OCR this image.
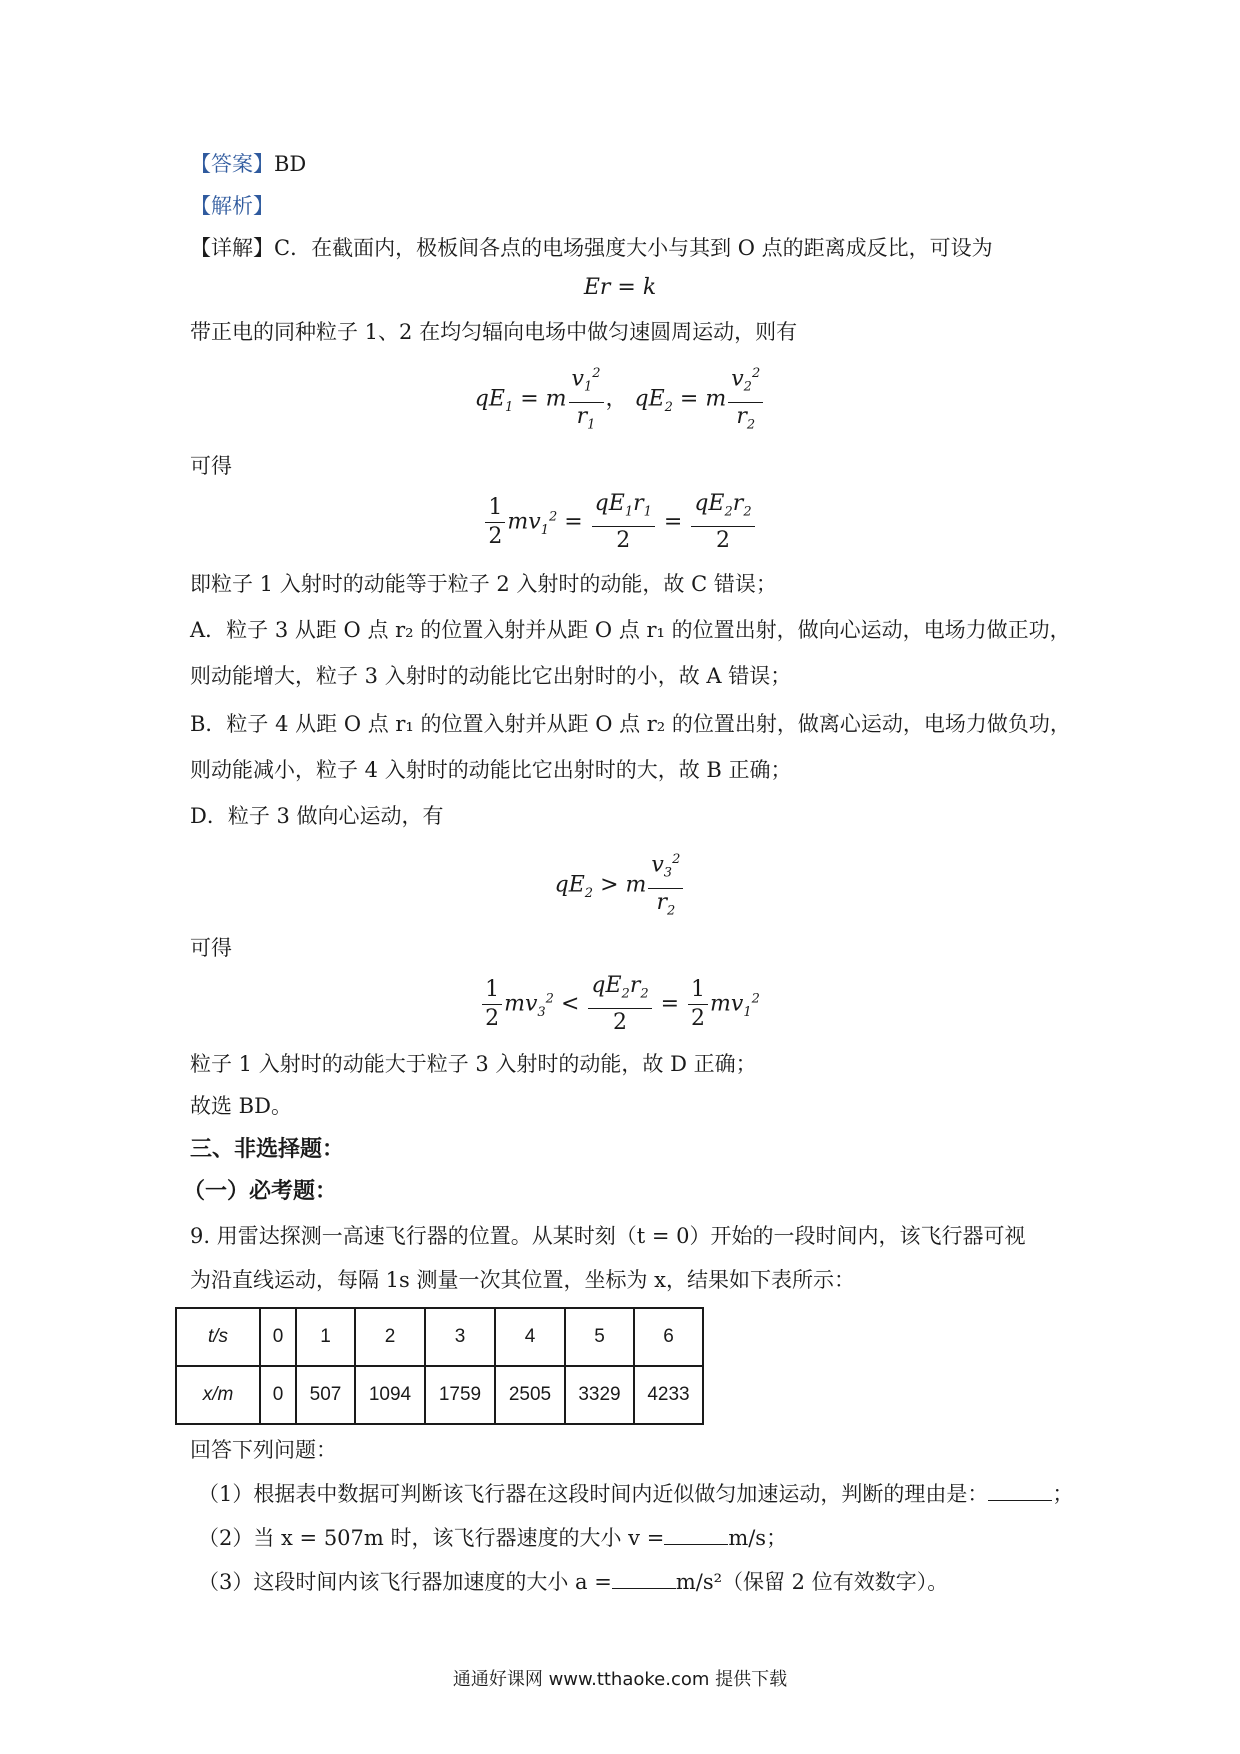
【答案】BD
【解析】
【详解】C．在截面内，极板间各点的电场强度大小与其到 O 点的距离成反比，可设为
Er = k
带正电的同种粒子 1、2 在均匀辐向电场中做匀速圆周运动，则有
$qE_1 = m \frac{v_1^2}{r_1}$ ， $qE_2 = m \frac{v_2^2}{r_2}$
可得
$\frac{1}{2} mv_1^2 = \frac{qE_1r_1}{2} = \frac{qE_2r_2}{2}$
即粒子 1 入射时的动能等于粒子 2 入射时的动能，故 C 错误；
A．粒子 3 从距 O 点 r₂ 的位置入射并从距 O 点 r₁ 的位置出射，做向心运动，电场力做正功，
则动能增大，粒子 3 入射时的动能比它出射时的小，故 A 错误；
B．粒子 4 从距 O 点 r₁ 的位置入射并从距 O 点 r₂ 的位置出射，做离心运动，电场力做负功，
则动能减小，粒子 4 入射时的动能比它出射时的大，故 B 正确；
D．粒子 3 做向心运动，有
$qE_2 > m \frac{v_3^2}{r_2}$
可得
$\frac{1}{2} mv_3^2 < \frac{qE_2r_2}{2} = \frac{1}{2} mv_1^2$
粒子 1 入射时的动能大于粒子 3 入射时的动能，故 D 正确；
故选 BD。
三、非选择题：
（一）必考题：
9. 用雷达探测一高速飞行器的位置。从某时刻（t = 0）开始的一段时间内，该飞行器可视
为沿直线运动，每隔 1s 测量一次其位置，坐标为 x，结果如下表所示：
t/s	0	1	2	3	4	5	6
x/m	0	507	1094	1759	2505	3329	4233
回答下列问题：
（1）根据表中数据可判断该飞行器在这段时间内近似做匀加速运动，判断的理由是：	；
（2）当 x = 507m 时，该飞行器速度的大小 v =	m/s；
（3）这段时间内该飞行器加速度的大小 a =	m/s²（保留 2 位有效数字）。
通通好课网 www.tthaoke.com 提供下载
